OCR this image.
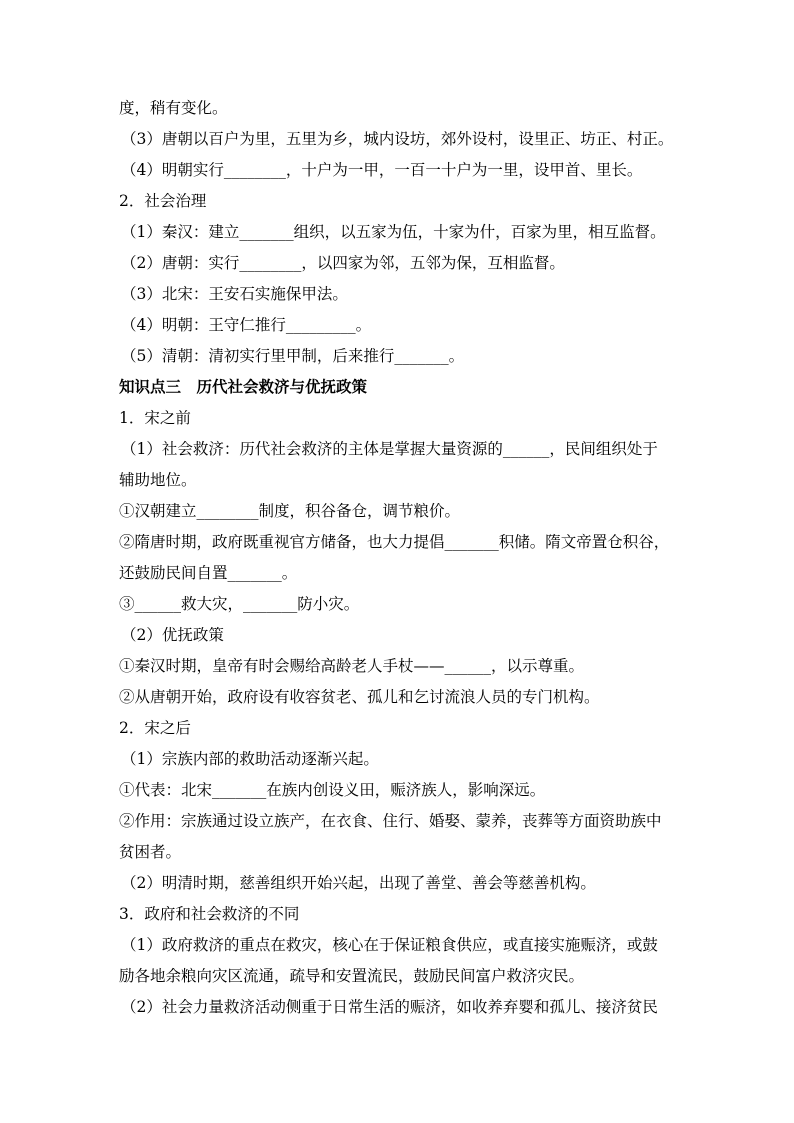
度，稍有变化。
（3）唐朝以百户为里，五里为乡，城内设坊，郊外设村，设里正、坊正、村正。
（4）明朝实行________，十户为一甲，一百一十户为一里，设甲首、里长。
2．社会治理
（1）秦汉：建立_______组织，以五家为伍，十家为什，百家为里，相互监督。
（2）唐朝：实行________，以四家为邻，五邻为保，互相监督。
（3）北宋：王安石实施保甲法。
（4）明朝：王守仁推行_________。
（5）清朝：清初实行里甲制，后来推行_______。
知识点三　历代社会救济与优抚政策
1．宋之前
（1）社会救济：历代社会救济的主体是掌握大量资源的______，民间组织处于
辅助地位。
①汉朝建立________制度，积谷备仓，调节粮价。
②隋唐时期，政府既重视官方储备，也大力提倡_______积储。隋文帝置仓积谷，
还鼓励民间自置_______。
③______救大灾，_______防小灾。
（2）优抚政策
①秦汉时期，皇帝有时会赐给高龄老人手杖——______，以示尊重。
②从唐朝开始，政府设有收容贫老、孤儿和乞讨流浪人员的专门机构。
2．宋之后
（1）宗族内部的救助活动逐渐兴起。
①代表：北宋_______在族内创设义田，赈济族人，影响深远。
②作用：宗族通过设立族产，在衣食、住行、婚娶、蒙养，丧葬等方面资助族中
贫困者。
（2）明清时期，慈善组织开始兴起，出现了善堂、善会等慈善机构。
3．政府和社会救济的不同
（1）政府救济的重点在救灾，核心在于保证粮食供应，或直接实施赈济，或鼓
励各地余粮向灾区流通，疏导和安置流民，鼓励民间富户救济灾民。
（2）社会力量救济活动侧重于日常生活的赈济，如收养弃婴和孤儿、接济贫民
